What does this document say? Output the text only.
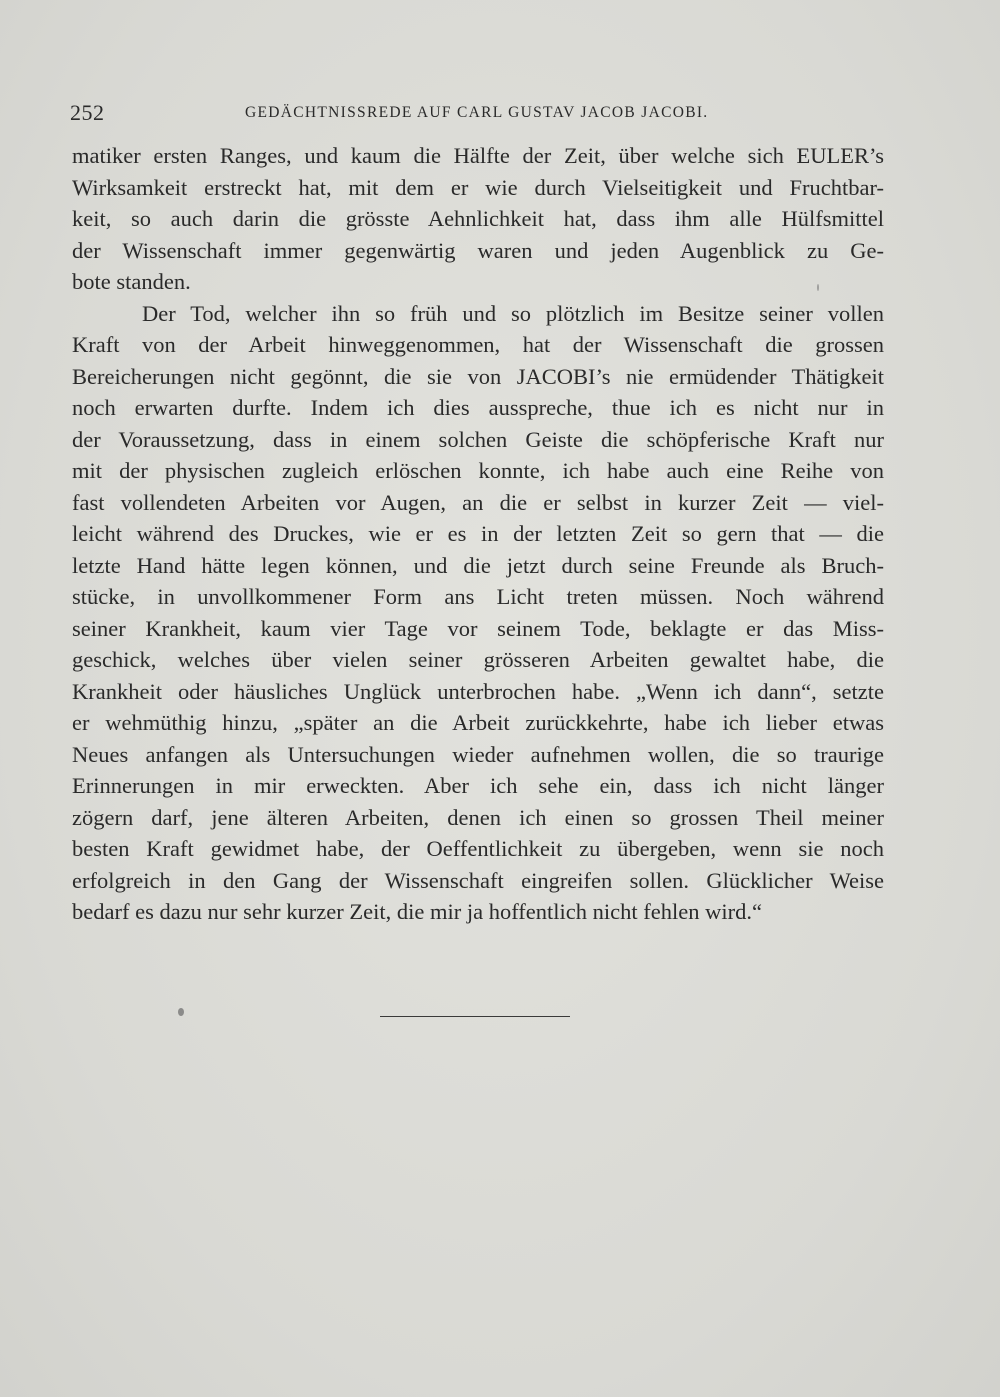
252	GEDÄCHTNISSREDE AUF CARL GUSTAV JACOB JACOBI.
matiker ersten Ranges, und kaum die Hälfte der Zeit, über welche sich EULER’s
Wirksamkeit erstreckt hat, mit dem er wie durch Vielseitigkeit und Fruchtbar-
keit, so auch darin die grösste Aehnlichkeit hat, dass ihm alle Hülfsmittel
der Wissenschaft immer gegenwärtig waren und jeden Augenblick zu Ge-
bote standen.
Der Tod, welcher ihn so früh und so plötzlich im Besitze seiner vollen
Kraft von der Arbeit hinweggenommen, hat der Wissenschaft die grossen
Bereicherungen nicht gegönnt, die sie von JACOBI’s nie ermüdender Thätigkeit
noch erwarten durfte. Indem ich dies ausspreche, thue ich es nicht nur in
der Voraussetzung, dass in einem solchen Geiste die schöpferische Kraft nur
mit der physischen zugleich erlöschen konnte, ich habe auch eine Reihe von
fast vollendeten Arbeiten vor Augen, an die er selbst in kurzer Zeit — viel-
leicht während des Druckes, wie er es in der letzten Zeit so gern that — die
letzte Hand hätte legen können, und die jetzt durch seine Freunde als Bruch-
stücke, in unvollkommener Form ans Licht treten müssen. Noch während
seiner Krankheit, kaum vier Tage vor seinem Tode, beklagte er das Miss-
geschick, welches über vielen seiner grösseren Arbeiten gewaltet habe, die
Krankheit oder häusliches Unglück unterbrochen habe. „Wenn ich dann“, setzte
er wehmüthig hinzu, „später an die Arbeit zurückkehrte, habe ich lieber etwas
Neues anfangen als Untersuchungen wieder aufnehmen wollen, die so traurige
Erinnerungen in mir erweckten. Aber ich sehe ein, dass ich nicht länger
zögern darf, jene älteren Arbeiten, denen ich einen so grossen Theil meiner
besten Kraft gewidmet habe, der Oeffentlichkeit zu übergeben, wenn sie noch
erfolgreich in den Gang der Wissenschaft eingreifen sollen. Glücklicher Weise
bedarf es dazu nur sehr kurzer Zeit, die mir ja hoffentlich nicht fehlen wird.“
